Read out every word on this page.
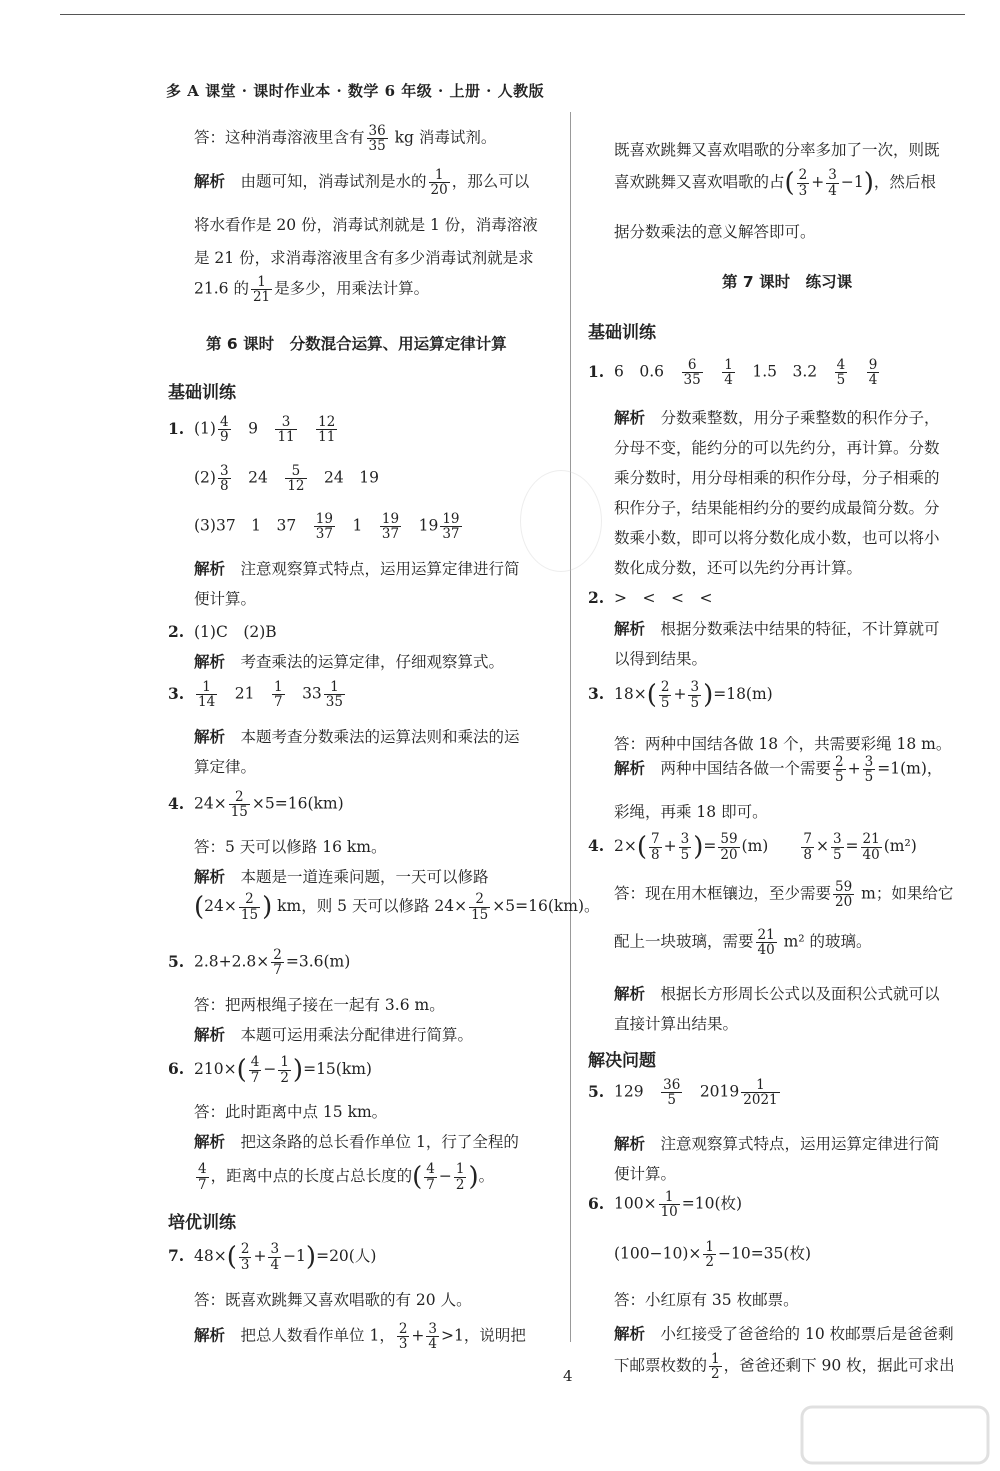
多 A 课堂 · 课时作业本 · 数学 6 年级 · 上册 · 人教版
答：这种消毒溶液里含有 $\frac{36}{35}$ kg 消毒试剂。
解析　 由题可知，消毒试剂是水的 $\frac{1}{20}$ ，那么可以
将水看作是 20 份，消毒试剂就是 1 份，消毒溶液
是 21 份，求消毒溶液里含有多少消毒试剂就是求
21.6 的 $\frac{1}{21}$ 是多少，用乘法计算。
第 6 课时　分数混合运算、用运算定律计算
基础训练
1. $(1) \frac{4}{9}$
　 9　 $\frac{3}{11}$
　 $\frac{12}{11}$
$(2) \frac{3}{8}$
　 24　 $\frac{5}{12}$
　 24　19
(3)37　1　37　 $\frac{19}{37}$
　 1　 $\frac{19}{37}$
　 $19 \frac{19}{37}$
解析　 注意观察算式特点，运用运算定律进行简
便计算。
2. (1)C　(2)B
解析　 考查乘法的运算定律，仔细观察算式。
3. $\frac{1}{14}$
　 21　 $\frac{1}{7}$
　 $33 \frac{1}{35}$
解析　 本题考查分数乘法的运算法则和乘法的运
算定律。
4. $24\times \frac{2}{15} \times 5=16(km)$
答：5 天可以修路 16 km。
解析　 本题是一道连乘问题，一天可以修路
($24\times \frac{2}{15}$ ) km，则 5 天可以修路 $24\times \frac{2}{15} \times 5=16(km)$。
5. $2.8+2.8\times \frac{2}{7} =3.6(m)$
答：把两根绳子接在一起有 3.6 m。
解析　 本题可运用乘法分配律进行简算。
6. $210\times( \frac{4}{7} - \frac{1}{2} )=15(km)$
答：此时距离中点 15 km。
解析　 把这条路的总长看作单位 1，行了全程的
$\frac{4}{7}$ ，距离中点的长度占总长度的( $\frac{4}{7} - \frac{1}{2}$ )。
培优训练
7. $48\times( \frac{2}{3} + \frac{3}{4} -1)=20$(人)
答：既喜欢跳舞又喜欢唱歌的有 20 人。
解析　 把总人数看作单位 1， $\frac{2}{3} + \frac{3}{4} >1$，说明把
既喜欢跳舞又喜欢唱歌的分率多加了一次，则既
喜欢跳舞又喜欢唱歌的占( $\frac{2}{3} + \frac{3}{4} -1$)，然后根
据分数乘法的意义解答即可。
第 7 课时　练习课
基础训练
1. 6　0.6　 $\frac{6}{35}$
　 $\frac{1}{4}$
　 1.5　3.2　 $\frac{4}{5}$
　 $\frac{9}{4}$
解析　 分数乘整数，用分子乘整数的积作分子，
分母不变，能约分的可以先约分，再计算。分数
乘分数时，用分母相乘的积作分母，分子相乘的
积作分子，结果能相约分的要约成最简分数。分
数乘小数，即可以将分数化成小数，也可以将小
数化成分数，还可以先约分再计算。
2. >　<　<　<
解析　 根据分数乘法中结果的特征，不计算就可
以得到结果。
3. $18\times( \frac{2}{5} + \frac{3}{5} )=18(m)$
答：两种中国结各做 18 个，共需要彩绳 18 m。
解析　 两种中国结各做一个需要 $\frac{2}{5} + \frac{3}{5} =1(m)$，
彩绳，再乘 18 即可。
4. $2\times( \frac{7}{8} + \frac{3}{5}$ )= $\frac{59}{20} (m)$　　 $\frac{7}{8} \times \frac{3}{5} = \frac{21}{40} (m^2)$
答：现在用木框镶边，至少需要 $\frac{59}{20}$ m；如果给它
配上一块玻璃，需要 $\frac{21}{40} m^2$ 的玻璃。
解析　 根据长方形周长公式以及面积公式就可以
直接计算出结果。
解决问题
5. 129　 $\frac{36}{5}$
　 $2019 \frac{1}{2021}$
解析　 注意观察算式特点，运用运算定律进行简
便计算。
6. $100\times \frac{1}{10} =10$(枚)
$(100-10)\times \frac{1}{2} -10=35$(枚)
答：小红原有 35 枚邮票。
解析　 小红接受了爸爸给的 10 枚邮票后是爸爸剩
下邮票枚数的 $\frac{1}{2}$ ，爸爸还剩下 90 枚，据此可求出
4
